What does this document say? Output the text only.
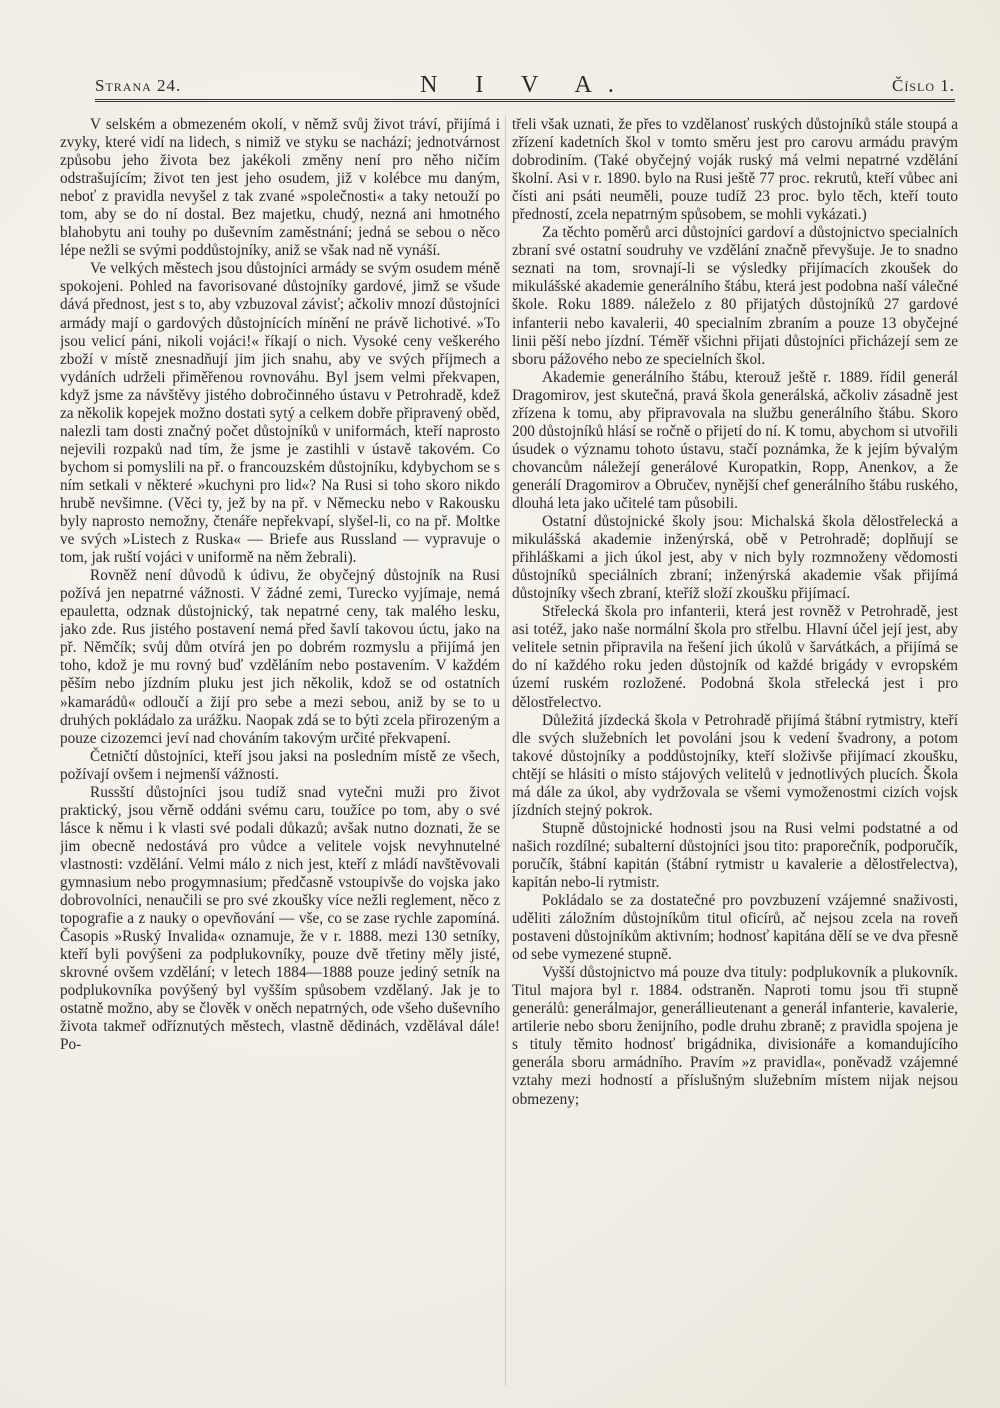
Strana 24.	N I V A.	Číslo 1.

V selském a obmezeném okolí, v němž svůj život tráví, přijímá i zvyky, které vidí na lidech, s nimiž ve styku se nachází; jednotvárnost způsobu jeho života bez jakékoli změny není pro něho ničím odstrašujícím; život ten jest jeho osudem, již v kolébce mu daným, neboť z pravidla nevyšel z tak zvané »společnosti« a taky netouží po tom, aby se do ní dostal. Bez majetku, chudý, nezná ani hmotného blahobytu ani touhy po duševním zaměstnání; jedná se sebou o něco lépe nežli se svými poddůstojníky, aniž se však nad ně vynáší.

Ve velkých městech jsou důstojníci armády se svým osudem méně spokojeni. Pohled na favorisované důstojníky gardové, jimž se všude dává přednost, jest s to, aby vzbuzoval závisť; ačkoliv mnozí důstojníci armády mají o gardových důstojnících mínění ne právě lichotivé. »To jsou velicí páni, nikoli vojáci!« říkají o nich. Vysoké ceny veškerého zboží v místě znesnadňují jim jich snahu, aby ve svých příjmech a vydáních udrželi přiměřenou rovnováhu. Byl jsem velmi překvapen, když jsme za návštěvy jistého dobročinného ústavu v Petrohradě, kdež za několik kopejek možno dostati sytý a celkem dobře připravený oběd, nalezli tam dosti značný počet důstojníků v uniformách, kteří naprosto nejevili rozpaků nad tím, že jsme je zastihli v ústavě takovém. Co bychom si pomyslili na př. o francouzském důstojníku, kdybychom se s ním setkali v některé »kuchyni pro lid«? Na Rusi si toho skoro nikdo hrubě nevšimne. (Věci ty, jež by na př. v Německu nebo v Rakousku byly naprosto nemožny, čtenáře nepřekvapí, slyšel-li, co na př. Moltke ve svých »Listech z Ruska« — Briefe aus Russland — vypravuje o tom, jak ruští vojáci v uniformě na něm žebrali).

Rovněž není důvodů k údivu, že obyčejný důstojník na Rusi požívá jen nepatrné vážnosti. V žádné zemi, Turecko vyjímaje, nemá epauletta, odznak důstojnický, tak nepatrné ceny, tak malého lesku, jako zde. Rus jistého postavení nemá před šavlí takovou úctu, jako na př. Němčík; svůj dům otvírá jen po dobrém rozmyslu a přijímá jen toho, kdož je mu rovný buď vzděláním nebo postavením. V každém pěším nebo jízdním pluku jest jich několik, kdož se od ostatních »kamarádů« odloučí a žijí pro sebe a mezi sebou, aniž by se to u druhých pokládalo za urážku. Naopak zdá se to býti zcela přirozeným a pouze cizozemci jeví nad chováním takovým určité překvapení.

Četničtí důstojníci, kteří jsou jaksi na posledním místě ze všech, požívají ovšem i nejmenší vážnosti.

Russští důstojníci jsou tudíž snad vytečni muži pro život praktický, jsou věrně oddáni svému caru, toužíce po tom, aby o své lásce k němu i k vlasti své podali důkazů; avšak nutno doznati, že se jim obecně nedostává pro vůdce a velitele vojsk nevyhnutelné vlastnosti: vzdělání. Velmi málo z nich jest, kteří z mládí navštěvovali gymnasium nebo progymnasium; předčasně vstoupivše do vojska jako dobrovolníci, nenaučili se pro své zkoušky více nežli reglement, něco z topografie a z nauky o opevňování — vše, co se zase rychle zapomíná. Časopis »Ruský Invalida« oznamuje, že v r. 1888. mezi 130 setníky, kteří byli povýšeni za podplukovníky, pouze dvě třetiny měly jisté, skrovné ovšem vzdělání; v letech 1884—1888 pouze jediný setník na podplukovníka povýšený byl vyšším spůsobem vzdělaný. Jak je to ostatně možno, aby se člověk v oněch nepatrných, ode všeho duševního života takmeř odříznutých městech, vlastně dědinách, vzdělával dále! Po-

třeli však uznati, že přes to vzdělanosť ruských důstojníků stále stoupá a zřízení kadetních škol v tomto směru jest pro carovu armádu pravým dobrodiním. (Také obyčejný voják ruský má velmi nepatrné vzdělání školní. Asi v r. 1890. bylo na Rusi ještě 77 proc. rekrutů, kteří vůbec ani čísti ani psáti neuměli, pouze tudíž 23 proc. bylo těch, kteří touto předností, zcela nepatrným spůsobem, se mohli vykázati.)

Za těchto poměrů arci důstojníci gardoví a důstojnictvo specialních zbraní své ostatní soudruhy ve vzdělání značně převyšuje. Je to snadno seznati na tom, srovnají-li se výsledky přijímacích zkoušek do mikulášské akademie generálního štábu, která jest podobna naší válečné škole. Roku 1889. náleželo z 80 přijatých důstojníků 27 gardové infanterii nebo kavalerii, 40 specialním zbraním a pouze 13 obyčejné linii pěší nebo jízdní. Téměř všichni přijati důstojníci přicházejí sem ze sboru pážového nebo ze specielních škol.

Akademie generálního štábu, kterouž ještě r. 1889. řídil generál Dragomirov, jest skutečná, pravá škola generálská, ačkoliv zásadně jest zřízena k tomu, aby připravovala na službu generálního štábu. Skoro 200 důstojníků hlásí se ročně o přijetí do ní. K tomu, abychom si utvořili úsudek o významu tohoto ústavu, stačí poznámka, že k jejím bývalým chovancům náležejí generálové Kuropatkin, Ropp, Anenkov, a že generálí Dragomirov a Obručev, nynější chef generálního štábu ruského, dlouhá leta jako učitelé tam působili.

Ostatní důstojnické školy jsou: Michalská škola dělostřelecká a mikulášská akademie inženýrská, obě v Petrohradě; doplňují se přihláškami a jich úkol jest, aby v nich byly rozmnoženy vědomosti důstojníků speciálních zbraní; inženýrská akademie však přijímá důstojníky všech zbraní, kteříž složí zkoušku přijímací.

Střelecká škola pro infanterii, která jest rovněž v Petrohradě, jest asi totéž, jako naše normální škola pro střelbu. Hlavní účel její jest, aby velitele setnin připravila na řešení jich úkolů v šarvátkách, a přijímá se do ní každého roku jeden důstojník od každé brigády v evropském území ruském rozložené. Podobná škola střelecká jest i pro dělostřelectvo.

Důležitá jízdecká škola v Petrohradě přijímá štábní rytmistry, kteří dle svých služebních let povoláni jsou k vedení švadrony, a potom takové důstojníky a poddůstojníky, kteří složivše přijímací zkoušku, chtějí se hlásiti o místo stájových velitelů v jednotlivých plucích. Škola má dále za úkol, aby vydržovala se všemi vymoženostmi cizích vojsk jízdních stejný pokrok.

Stupně důstojnické hodnosti jsou na Rusi velmi podstatné a od našich rozdílné; subalterní důstojníci jsou tito: praporečník, podporučík, poručík, štábní kapitán (štábní rytmistr u kavalerie a dělostřelectva), kapitán nebo-li rytmistr.

Pokládalo se za dostatečné pro povzbuzení vzájemné snaživosti, uděliti záložním důstojníkům titul oficírů, ač nejsou zcela na roveň postaveni důstojníkům aktivním; hodnosť kapitána dělí se ve dva přesně od sebe vymezené stupně.

Vyšší důstojnictvo má pouze dva tituly: podplukovník a plukovník. Titul majora byl r. 1884. odstraněn. Naproti tomu jsou tři stupně generálů: generálmajor, generállieutenant a generál infanterie, kavalerie, artilerie nebo sboru ženijního, podle druhu zbraně; z pravidla spojena je s tituly těmito hodnosť brigádnika, divisionáře a komandujícího generála sboru armádního. Pravím »z pravidla«, poněvadž vzájemné vztahy mezi hodností a příslušným služebním místem nijak nejsou obmezeny;
